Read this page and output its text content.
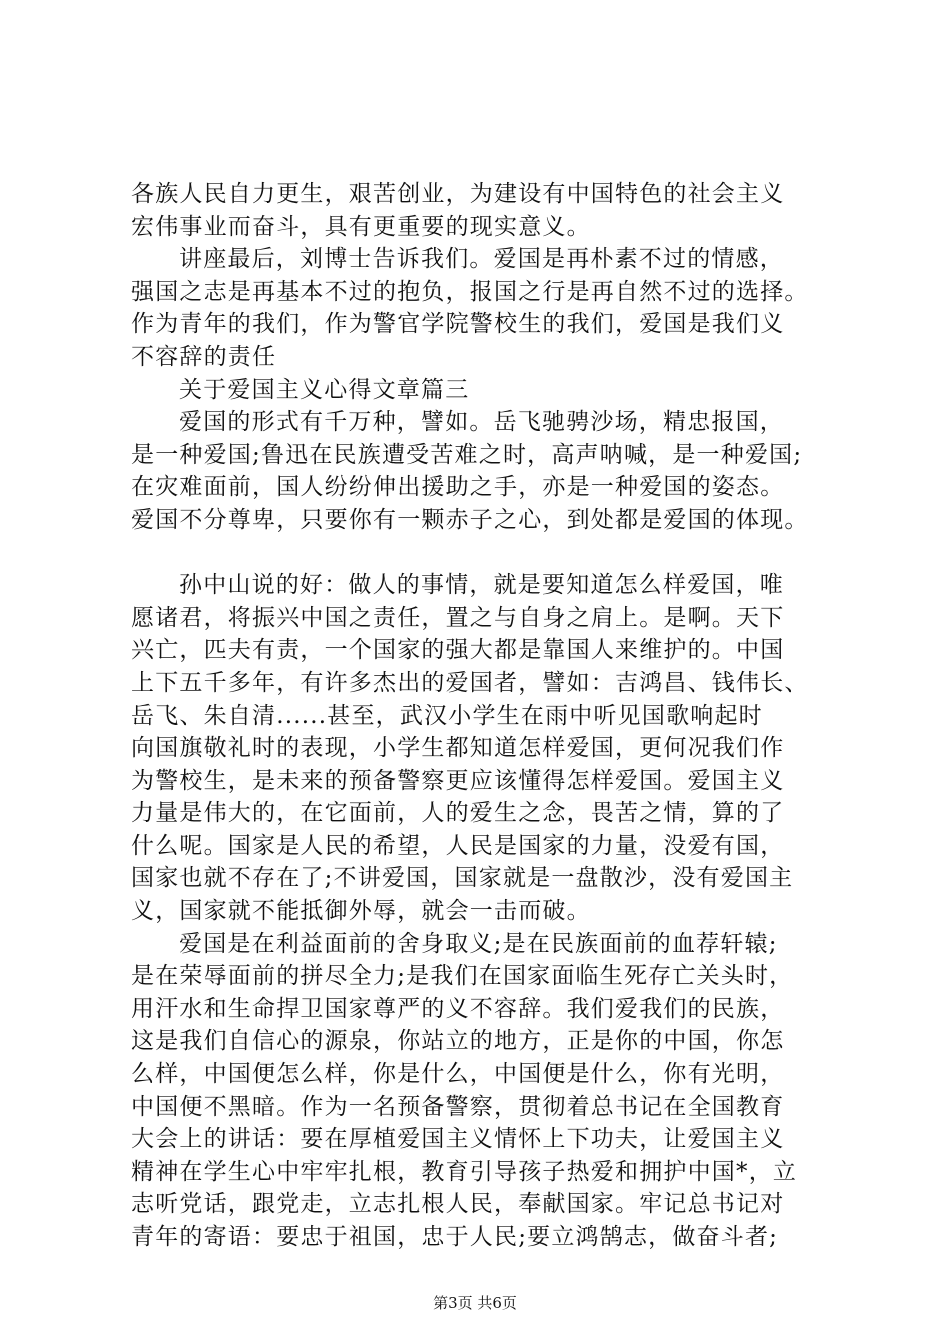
各族人民自力更生，艰苦创业，为建设有中国特色的社会主义
宏伟事业而奋斗，具有更重要的现实意义。
讲座最后，刘博士告诉我们。爱国是再朴素不过的情感，
强国之志是再基本不过的抱负，报国之行是再自然不过的选择。
作为青年的我们，作为警官学院警校生的我们，爱国是我们义
不容辞的责任
关于爱国主义心得文章篇三
爱国的形式有千万种，譬如。岳飞驰骋沙场，精忠报国，
是一种爱国;鲁迅在民族遭受苦难之时，高声呐喊，是一种爱国;
在灾难面前，国人纷纷伸出援助之手，亦是一种爱国的姿态。
爱国不分尊卑，只要你有一颗赤子之心，到处都是爱国的体现。
孙中山说的好：做人的事情，就是要知道怎么样爱国，唯
愿诸君，将振兴中国之责任，置之与自身之肩上。是啊。天下
兴亡，匹夫有责，一个国家的强大都是靠国人来维护的。中国
上下五千多年，有许多杰出的爱国者，譬如：吉鸿昌、钱伟长、
岳飞、朱自清......甚至，武汉小学生在雨中听见国歌响起时
向国旗敬礼时的表现，小学生都知道怎样爱国，更何况我们作
为警校生，是未来的预备警察更应该懂得怎样爱国。爱国主义
力量是伟大的，在它面前，人的爱生之念，畏苦之情，算的了
什么呢。国家是人民的希望，人民是国家的力量，没爱有国，
国家也就不存在了;不讲爱国，国家就是一盘散沙，没有爱国主
义，国家就不能抵御外辱，就会一击而破。
爱国是在利益面前的舍身取义;是在民族面前的血荐轩辕;
是在荣辱面前的拼尽全力;是我们在国家面临生死存亡关头时，
用汗水和生命捍卫国家尊严的义不容辞。我们爱我们的民族，
这是我们自信心的源泉，你站立的地方，正是你的中国，你怎
么样，中国便怎么样，你是什么，中国便是什么，你有光明，
中国便不黑暗。作为一名预备警察，贯彻着总书记在全国教育
大会上的讲话：要在厚植爱国主义情怀上下功夫，让爱国主义
精神在学生心中牢牢扎根，教育引导孩子热爱和拥护中国*，立
志听党话，跟党走，立志扎根人民，奉献国家。牢记总书记对
青年的寄语：要忠于祖国，忠于人民;要立鸿鹄志，做奋斗者;
第3页 共6页
